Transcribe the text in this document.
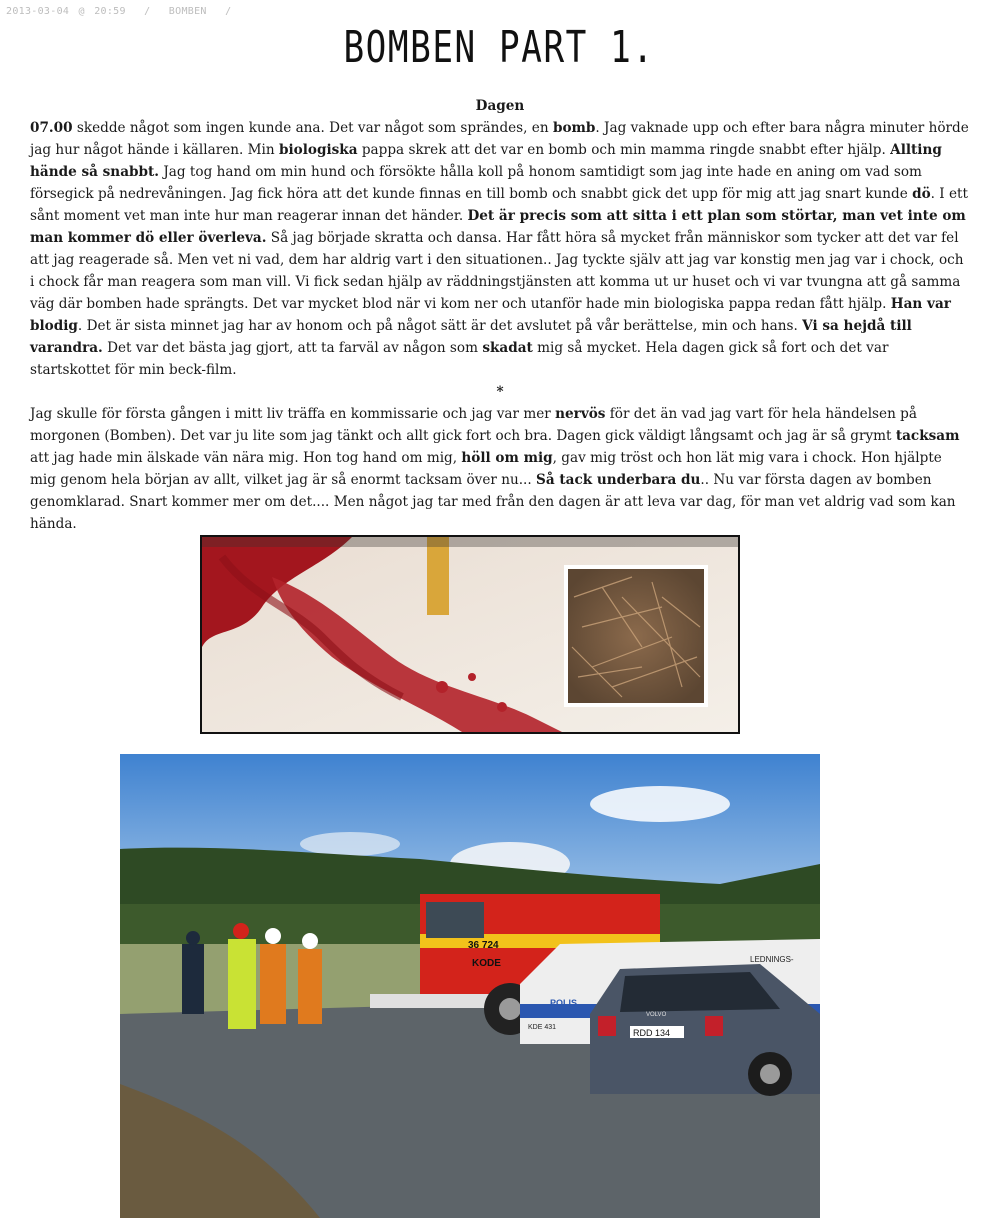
2013-03-04 @ 20:59 / BOMBEN /
BOMBEN PART 1.

Dagen

07.00 skedde något som ingen kunde ana. Det var något som sprändes, en bomb. Jag vaknade upp och efter bara några minuter hörde jag hur något hände i källaren. Min biologiska pappa skrek att det var en bomb och min mamma ringde snabbt efter hjälp. Allting hände så snabbt. Jag tog hand om min hund och försökte hålla koll på honom samtidigt som jag inte hade en aning om vad som försegick på nedrevåningen. Jag fick höra att det kunde finnas en till bomb och snabbt gick det upp för mig att jag snart kunde dö. I ett sånt moment vet man inte hur man reagerar innan det händer. Det är precis som att sitta i ett plan som störtar, man vet inte om man kommer dö eller överleva. Så jag började skratta och dansa. Har fått höra så mycket från människor som tycker att det var fel att jag reagerade så. Men vet ni vad, dem har aldrig vart i den situationen.. Jag tyckte själv att jag var konstig men jag var i chock, och i chock får man reagera som man vill. Vi fick sedan hjälp av räddningstjänsten att komma ut ur huset och vi var tvungna att gå samma väg där bomben hade sprängts. Det var mycket blod när vi kom ner och utanför hade min biologiska pappa redan fått hjälp. Han var blodig. Det är sista minnet jag har av honom och på något sätt är det avslutet på vår berättelse, min och hans. Vi sa hejdå till varandra. Det var det bästa jag gjort, att ta farväl av någon som skadat mig så mycket. Hela dagen gick så fort och det var startskottet för min beck-film.

*

Jag skulle för första gången i mitt liv träffa en kommissarie och jag var mer nervös för det än vad jag vart för hela händelsen på morgonen (Bomben). Det var ju lite som jag tänkt och allt gick fort och bra. Dagen gick väldigt långsamt och jag är så grymt tacksam att jag hade min älskade vän nära mig. Hon tog hand om mig, höll om mig, gav mig tröst och hon lät mig vara i chock. Hon hjälpte mig genom hela början av allt, vilket jag är så enormt tacksam över nu... Så tack underbara du.. Nu var första dagen av bomben genomklarad. Snart kommer mer om det.... Men något jag tar med från den dagen är att leva var dag, för man vet aldrig vad som kan hända.

36 724
KODE
POLIS
LEDNINGS-
KDE 431
RDD 134
VOLVO
